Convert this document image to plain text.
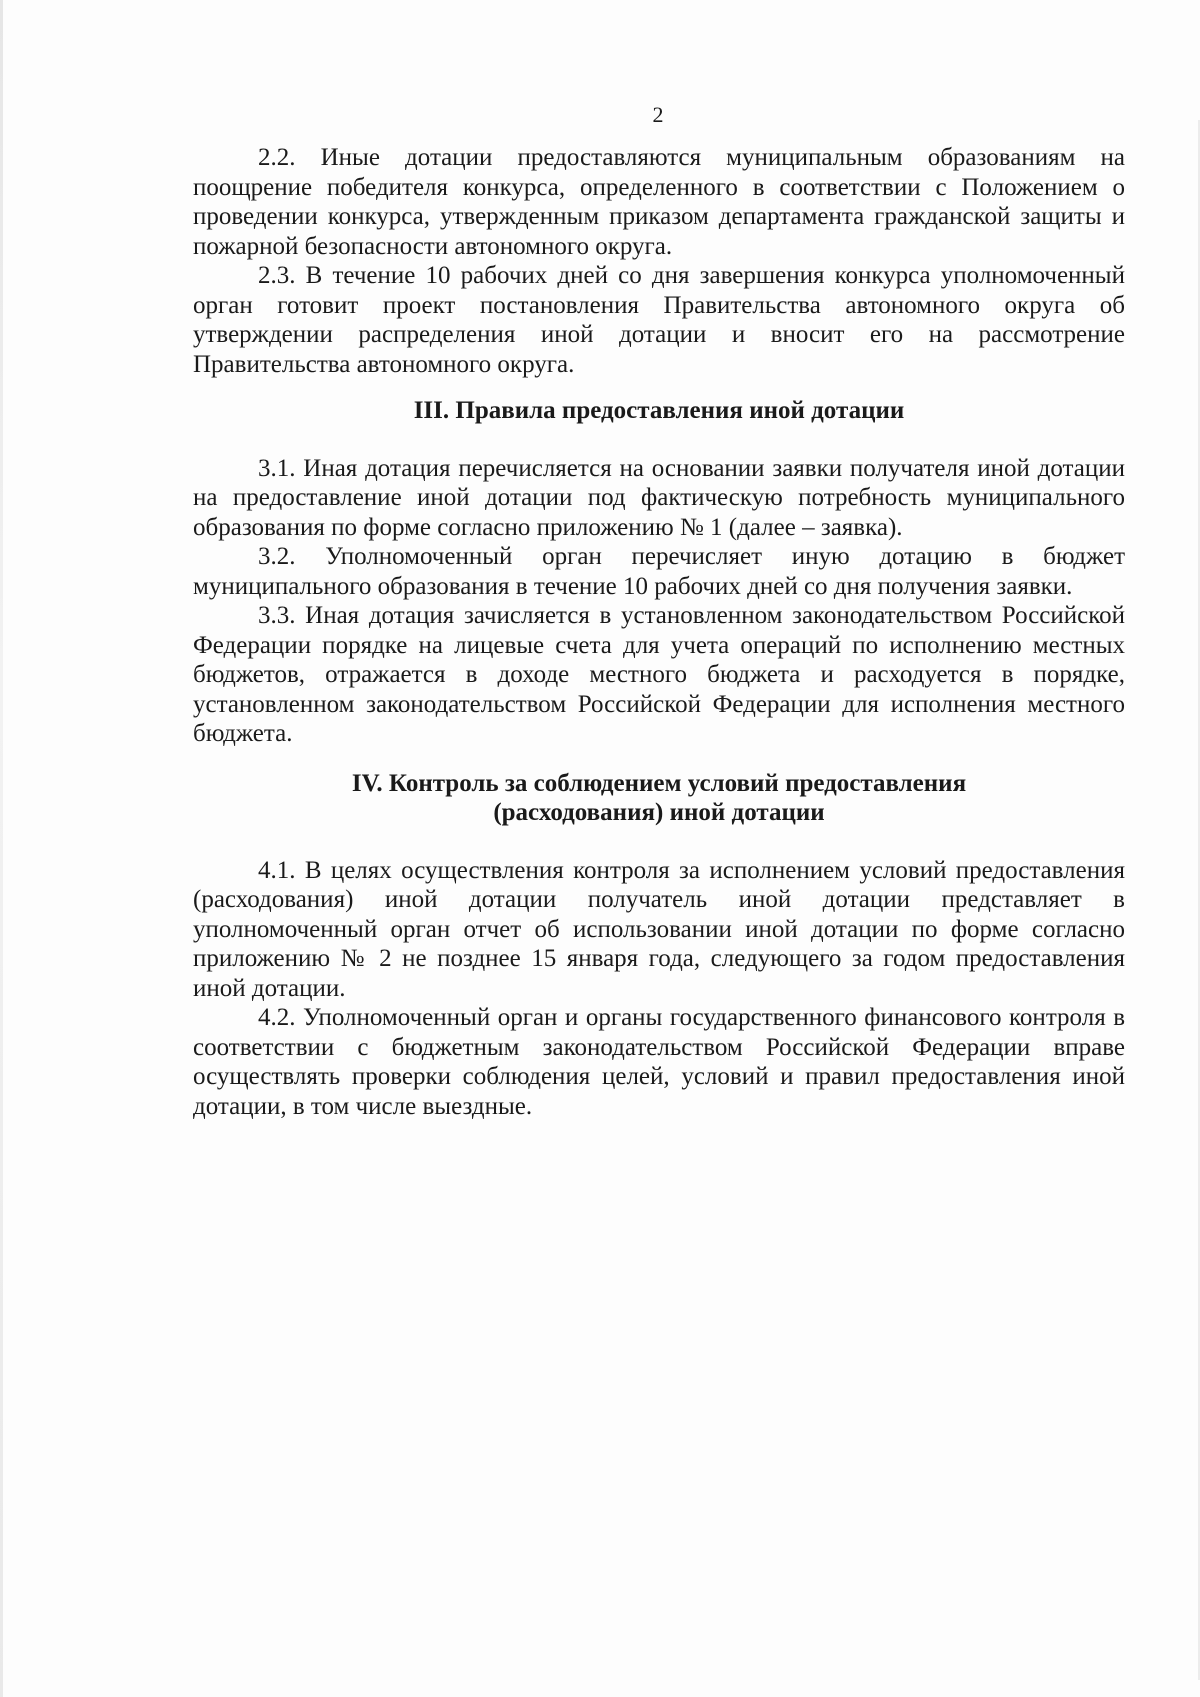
2

2.2. Иные дотации предоставляются муниципальным образованиям на поощрение победителя конкурса, определенного в соответствии с Положением о проведении конкурса, утвержденным приказом департамента гражданской защиты и пожарной безопасности автономного округа.

2.3. В течение 10 рабочих дней со дня завершения конкурса уполномоченный орган готовит проект постановления Правительства автономного округа об утверждении распределения иной дотации и вносит его на рассмотрение Правительства автономного округа.

III. Правила предоставления иной дотации

3.1. Иная дотация перечисляется на основании заявки получателя иной дотации на предоставление иной дотации под фактическую потребность муниципального образования по форме согласно приложению № 1 (далее – заявка).

3.2. Уполномоченный орган перечисляет иную дотацию в бюджет муниципального образования в течение 10 рабочих дней со дня получения заявки.

3.3. Иная дотация зачисляется в установленном законодательством Российской Федерации порядке на лицевые счета для учета операций по исполнению местных бюджетов, отражается в доходе местного бюджета и расходуется в порядке, установленном законодательством Российской Федерации для исполнения местного бюджета.

IV. Контроль за соблюдением условий предоставления
(расходования) иной дотации

4.1. В целях осуществления контроля за исполнением условий предоставления (расходования) иной дотации получатель иной дотации представляет в уполномоченный орган отчет об использовании иной дотации по форме согласно приложению № 2 не позднее 15 января года, следующего за годом предоставления иной дотации.

4.2. Уполномоченный орган и органы государственного финансового контроля в соответствии с бюджетным законодательством Российской Федерации вправе осуществлять проверки соблюдения целей, условий и правил предоставления иной дотации, в том числе выездные.
